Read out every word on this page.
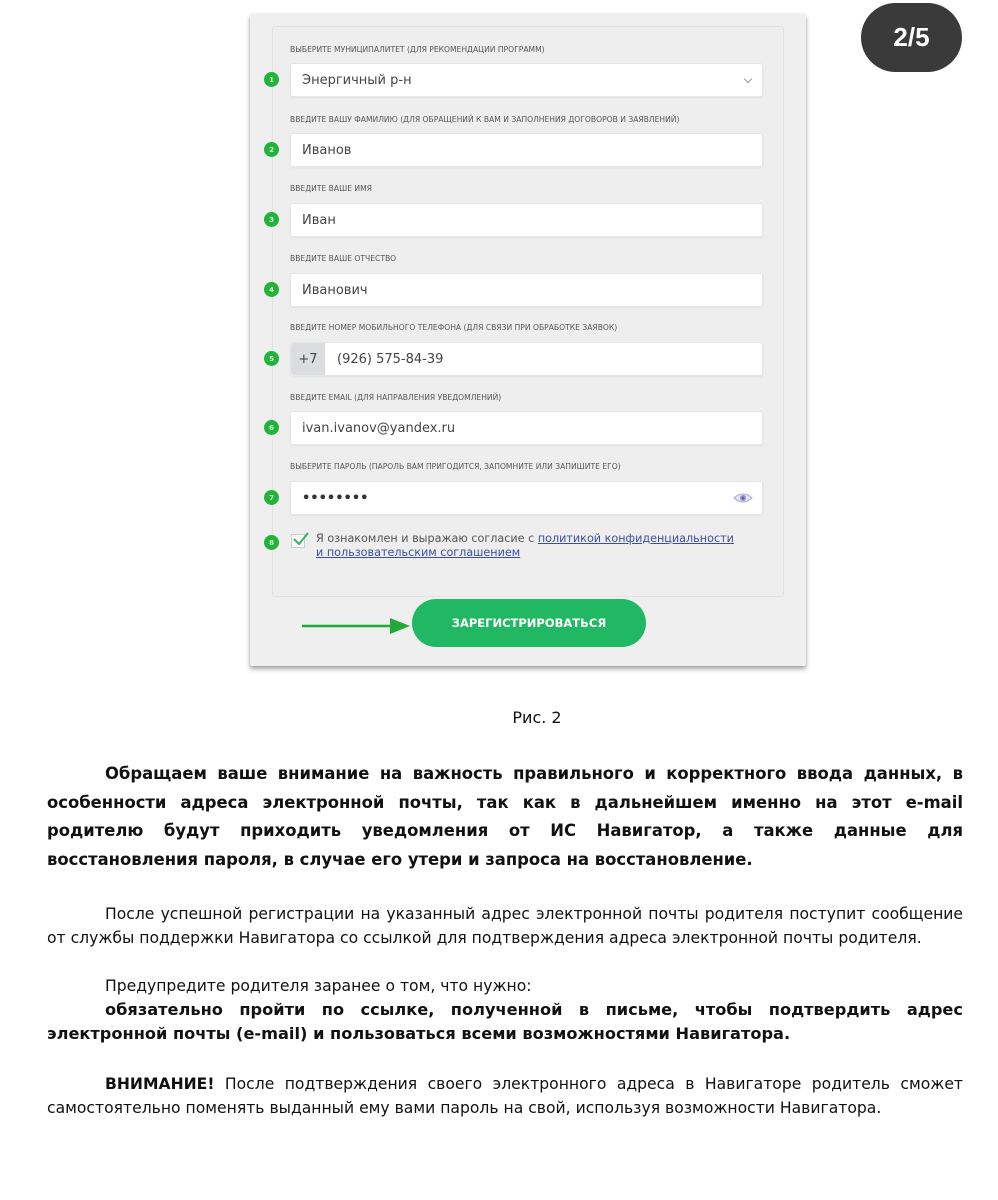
2/5
ВЫБЕРИТЕ МУНИЦИПАЛИТЕТ (ДЛЯ РЕКОМЕНДАЦИИ ПРОГРАММ)
1	Энергичный р-н
ВВЕДИТЕ ВАШУ ФАМИЛИЮ (ДЛЯ ОБРАЩЕНИЙ К ВАМ И ЗАПОЛНЕНИЯ ДОГОВОРОВ И ЗАЯВЛЕНИЙ)
2	Иванов
ВВЕДИТЕ ВАШЕ ИМЯ
3	Иван
ВВЕДИТЕ ВАШЕ ОТЧЕСТВО
4	Иванович
ВВЕДИТЕ НОМЕР МОБИЛЬНОГО ТЕЛЕФОНА (ДЛЯ СВЯЗИ ПРИ ОБРАБОТКЕ ЗАЯВОК)
5	+7	(926) 575-84-39
ВВЕДИТЕ EMAIL (ДЛЯ НАПРАВЛЕНИЯ УВЕДОМЛЕНИЙ)
6	ivan.ivanov@yandex.ru
ВЫБЕРИТЕ ПАРОЛЬ (ПАРОЛЬ ВАМ ПРИГОДИТСЯ, ЗАПОМНИТЕ ИЛИ ЗАПИШИТЕ ЕГО)
7	••••••••
8	Я ознакомлен и выражаю согласие с политикой конфиденциальности
и пользовательским соглашением
ЗАРЕГИСТРИРОВАТЬСЯ
Рис. 2
Обращаем ваше внимание на важность правильного и корректного ввода данных, в особенности адреса электронной почты, так как в дальнейшем именно на этот e-mail родителю будут приходить уведомления от ИС Навигатор, а также данные для восстановления пароля, в случае его утери и запроса на восстановление.
После успешной регистрации на указанный адрес электронной почты родителя поступит сообщение от службы поддержки Навигатора со ссылкой для подтверждения адреса электронной почты родителя.
Предупредите родителя заранее о том, что нужно:
обязательно пройти по ссылке, полученной в письме, чтобы подтвердить адрес электронной почты (e-mail) и пользоваться всеми возможностями Навигатора.
ВНИМАНИЕ! После подтверждения своего электронного адреса в Навигаторе родитель сможет самостоятельно поменять выданный ему вами пароль на свой, используя возможности Навигатора.
